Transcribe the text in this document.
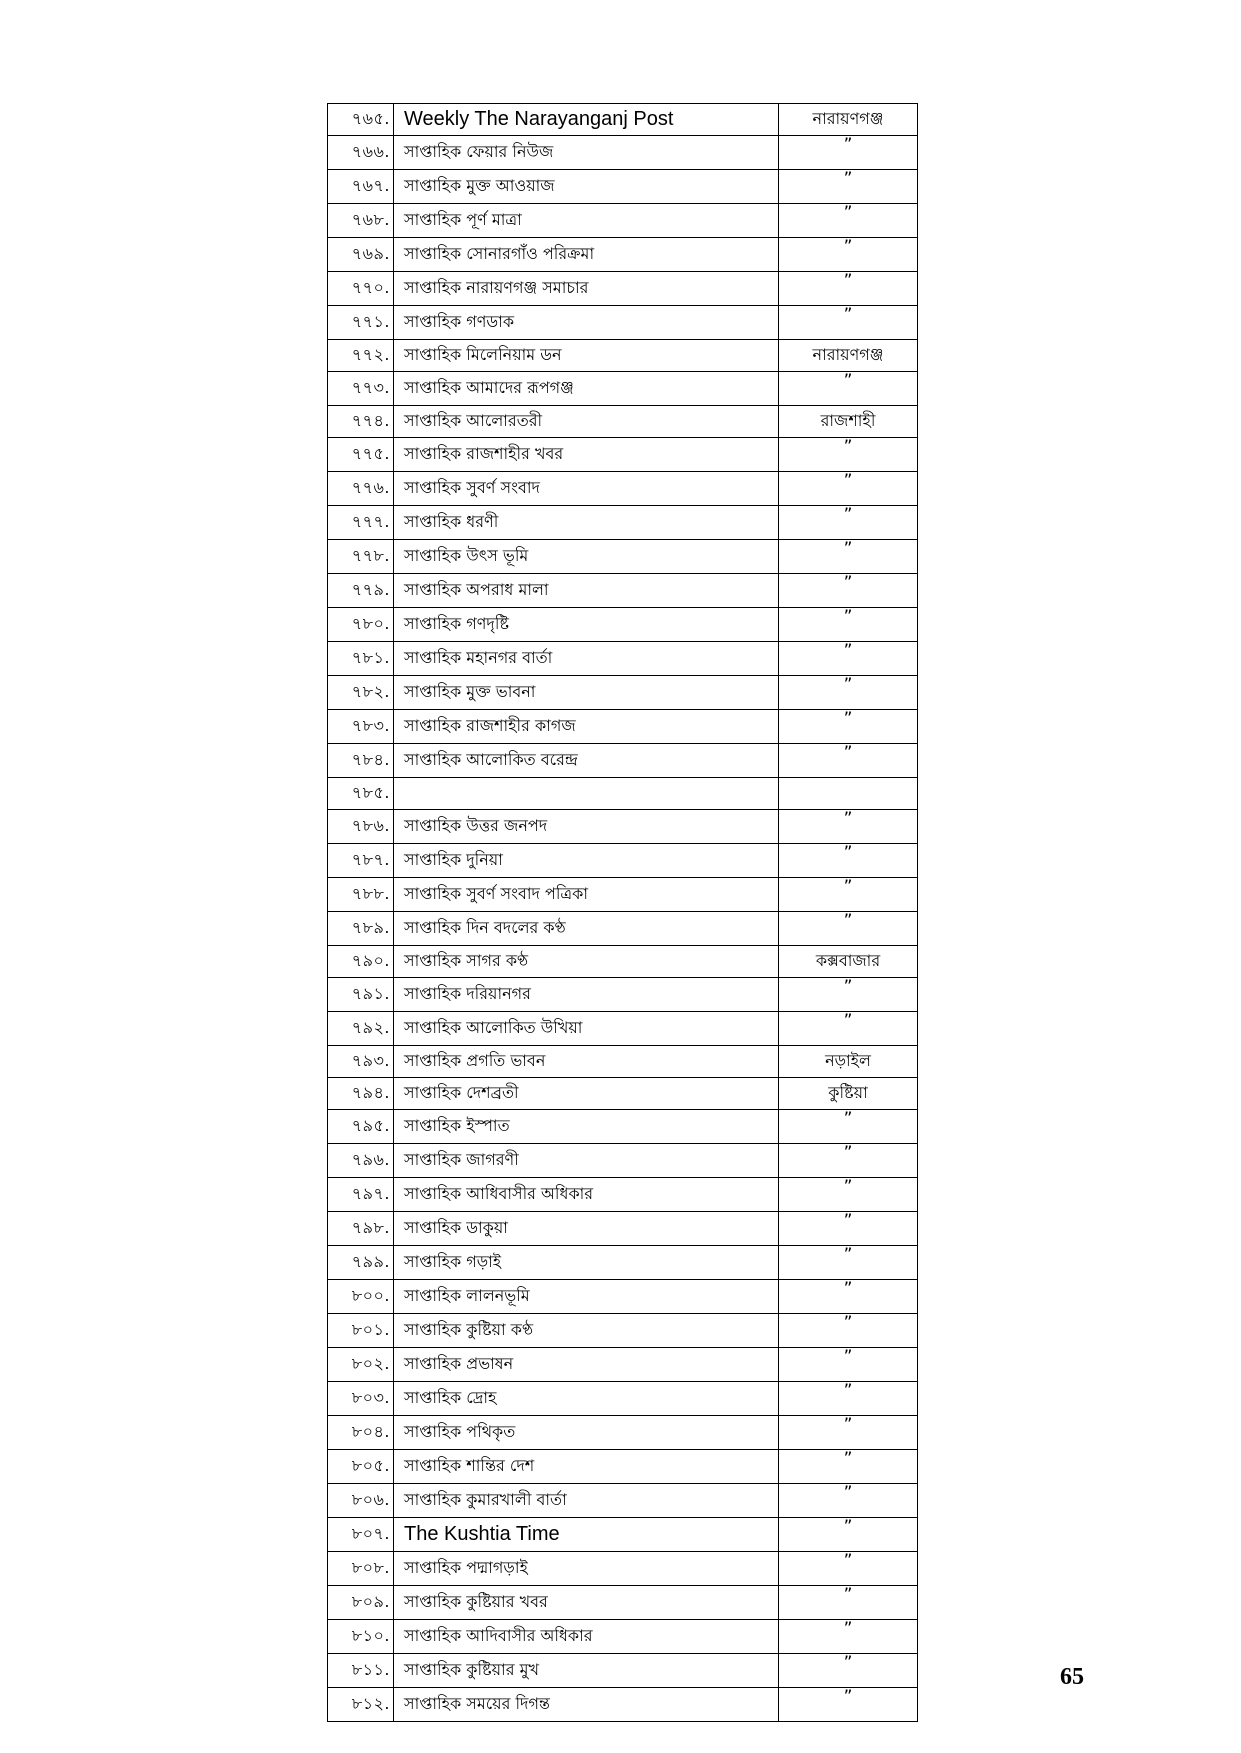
৭৬৫.	Weekly The Narayanganj Post	নারায়ণগঞ্জ
৭৬৬.	সাপ্তাহিক ফেয়ার নিউজ	”
৭৬৭.	সাপ্তাহিক মুক্ত আওয়াজ	”
৭৬৮.	সাপ্তাহিক পূর্ণ মাত্রা	”
৭৬৯.	সাপ্তাহিক সোনারগাঁও পরিক্রমা	”
৭৭০.	সাপ্তাহিক নারায়ণগঞ্জ সমাচার	”
৭৭১.	সাপ্তাহিক গণডাক	”
৭৭২.	সাপ্তাহিক মিলেনিয়াম ডন	নারায়ণগঞ্জ
৭৭৩.	সাপ্তাহিক আমাদের রূপগঞ্জ	”
৭৭৪.	সাপ্তাহিক আলোরতরী	রাজশাহী
৭৭৫.	সাপ্তাহিক রাজশাহীর খবর	”
৭৭৬.	সাপ্তাহিক সুবর্ণ সংবাদ	”
৭৭৭.	সাপ্তাহিক ধরণী	”
৭৭৮.	সাপ্তাহিক উৎস ভূমি	”
৭৭৯.	সাপ্তাহিক অপরাধ মালা	”
৭৮০.	সাপ্তাহিক গণদৃষ্টি	”
৭৮১.	সাপ্তাহিক মহানগর বার্তা	”
৭৮২.	সাপ্তাহিক মুক্ত ভাবনা	”
৭৮৩.	সাপ্তাহিক রাজশাহীর কাগজ	”
৭৮৪.	সাপ্তাহিক আলোকিত বরেন্দ্র	”
৭৮৫.		
৭৮৬.	সাপ্তাহিক উত্তর জনপদ	”
৭৮৭.	সাপ্তাহিক দুনিয়া	”
৭৮৮.	সাপ্তাহিক সুবর্ণ সংবাদ পত্রিকা	”
৭৮৯.	সাপ্তাহিক দিন বদলের কণ্ঠ	”
৭৯০.	সাপ্তাহিক সাগর কণ্ঠ	কক্সবাজার
৭৯১.	সাপ্তাহিক দরিয়ানগর	”
৭৯২.	সাপ্তাহিক আলোকিত উখিয়া	”
৭৯৩.	সাপ্তাহিক প্রগতি ভাবন	নড়াইল
৭৯৪.	সাপ্তাহিক দেশব্রতী	কুষ্টিয়া
৭৯৫.	সাপ্তাহিক ইস্পাত	”
৭৯৬.	সাপ্তাহিক জাগরণী	”
৭৯৭.	সাপ্তাহিক আধিবাসীর অধিকার	”
৭৯৮.	সাপ্তাহিক ডাকুয়া	”
৭৯৯.	সাপ্তাহিক গড়াই	”
৮০০.	সাপ্তাহিক লালনভূমি	”
৮০১.	সাপ্তাহিক কুষ্টিয়া কণ্ঠ	”
৮০২.	সাপ্তাহিক প্রভাষন	”
৮০৩.	সাপ্তাহিক দ্রোহ	”
৮০৪.	সাপ্তাহিক পথিকৃত	”
৮০৫.	সাপ্তাহিক শান্তির দেশ	”
৮০৬.	সাপ্তাহিক কুমারখালী বার্তা	”
৮০৭.	The Kushtia Time	”
৮০৮.	সাপ্তাহিক পদ্মাগড়াই	”
৮০৯.	সাপ্তাহিক কুষ্টিয়ার খবর	”
৮১০.	সাপ্তাহিক আদিবাসীর অধিকার	”
৮১১.	সাপ্তাহিক কুষ্টিয়ার মুখ	”
৮১২.	সাপ্তাহিক সময়ের দিগন্ত	”
65
